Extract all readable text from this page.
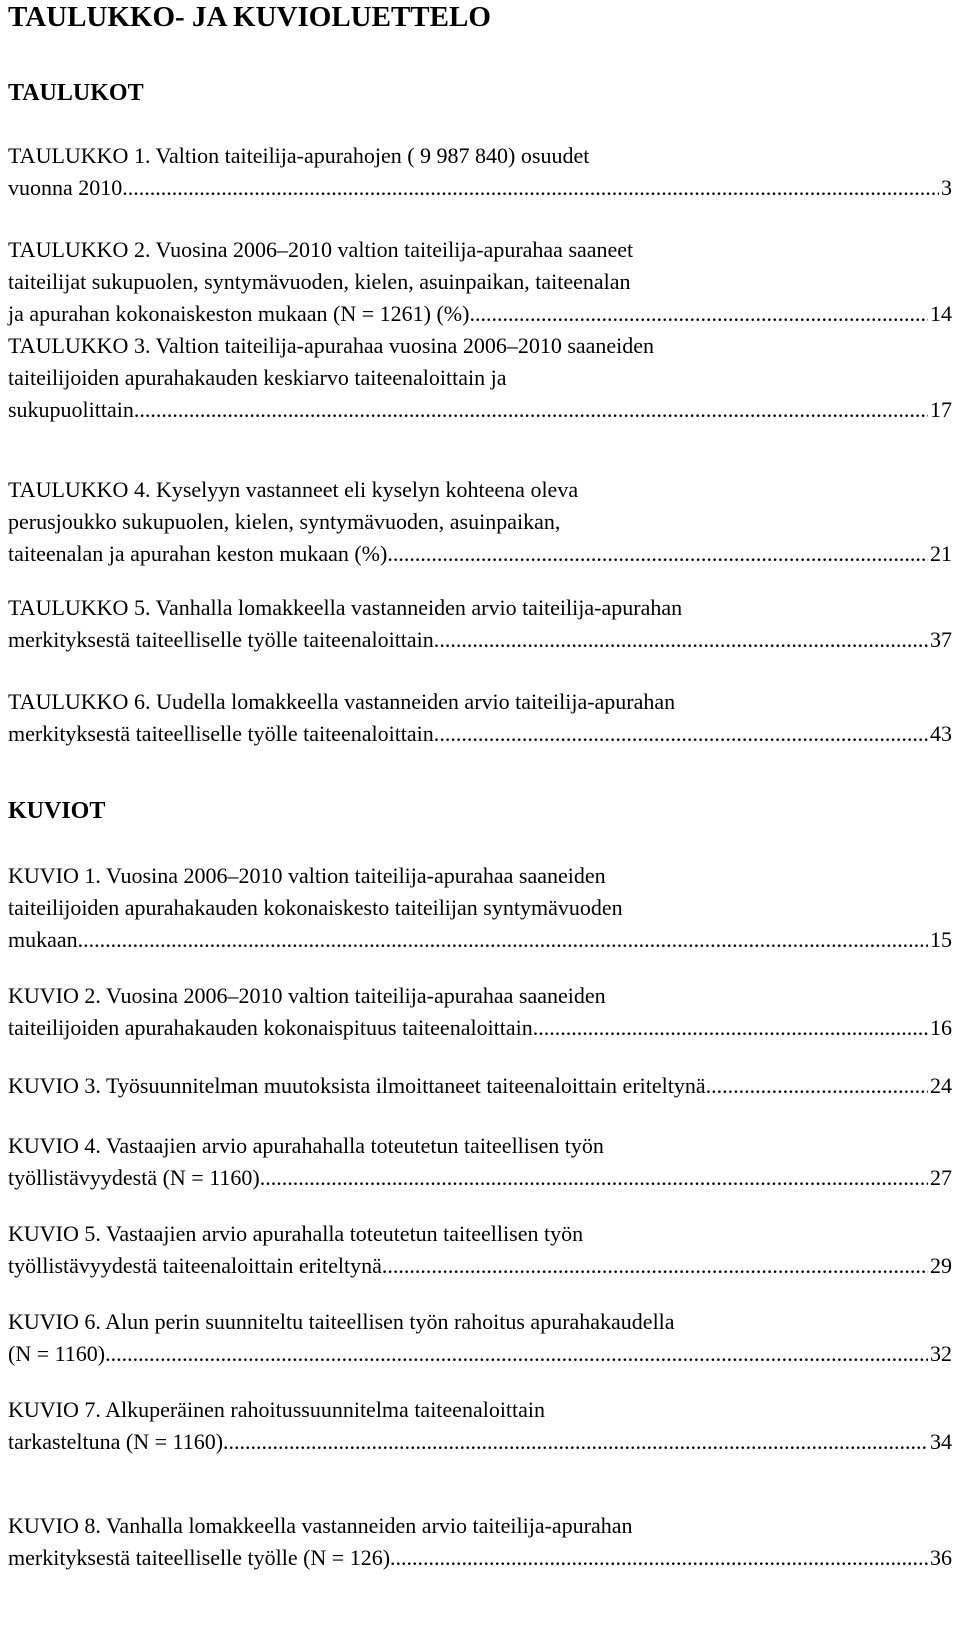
TAULUKKO- JA KUVIOLUETTELO
TAULUKOT
TAULUKKO 1. Valtion taiteilija-apurahojen ( 9 987 840) osuudet
vuonna 2010. .....	3
TAULUKKO 2. Vuosina 2006–2010 valtion taiteilija-apurahaa saaneet
taiteilijat sukupuolen, syntymävuoden, kielen, asuinpaikan, taiteenalan
ja apurahan kokonaiskeston mukaan (N = 1261) (%). .....	14
TAULUKKO 3. Valtion taiteilija-apurahaa vuosina 2006–2010 saaneiden
taiteilijoiden apurahakauden keskiarvo taiteenaloittain ja
sukupuolittain. .....	17
TAULUKKO 4. Kyselyyn vastanneet eli kyselyn kohteena oleva
perusjoukko sukupuolen, kielen, syntymävuoden, asuinpaikan,
taiteenalan ja apurahan keston mukaan (%). .....	21
TAULUKKO 5. Vanhalla lomakkeella vastanneiden arvio taiteilija-apurahan
merkityksestä taiteelliselle työlle taiteenaloittain. .....	37
TAULUKKO 6. Uudella lomakkeella vastanneiden arvio taiteilija-apurahan
merkityksestä taiteelliselle työlle taiteenaloittain. .....	43
KUVIOT
KUVIO 1. Vuosina 2006–2010 valtion taiteilija-apurahaa saaneiden
taiteilijoiden apurahakauden kokonaiskesto taiteilijan syntymävuoden
mukaan. .....	15
KUVIO 2. Vuosina 2006–2010 valtion taiteilija-apurahaa saaneiden
taiteilijoiden apurahakauden kokonaispituus taiteenaloittain. .....	16
KUVIO 3. Työsuunnitelman muutoksista ilmoittaneet taiteenaloittain eriteltynä. .....	24
KUVIO 4. Vastaajien arvio apurahahalla toteutetun taiteellisen työn
työllistävyydestä (N = 1160). .....	27
KUVIO 5. Vastaajien arvio apurahalla toteutetun taiteellisen työn
työllistävyydestä taiteenaloittain eriteltynä. .....	29
KUVIO 6. Alun perin suunniteltu taiteellisen työn rahoitus apurahakaudella
(N = 1160). .....	32
KUVIO 7. Alkuperäinen rahoitussuunnitelma taiteenaloittain
tarkasteltuna (N = 1160). .....	34
KUVIO 8. Vanhalla lomakkeella vastanneiden arvio taiteilija-apurahan
merkityksestä taiteelliselle työlle (N = 126). .....	36
